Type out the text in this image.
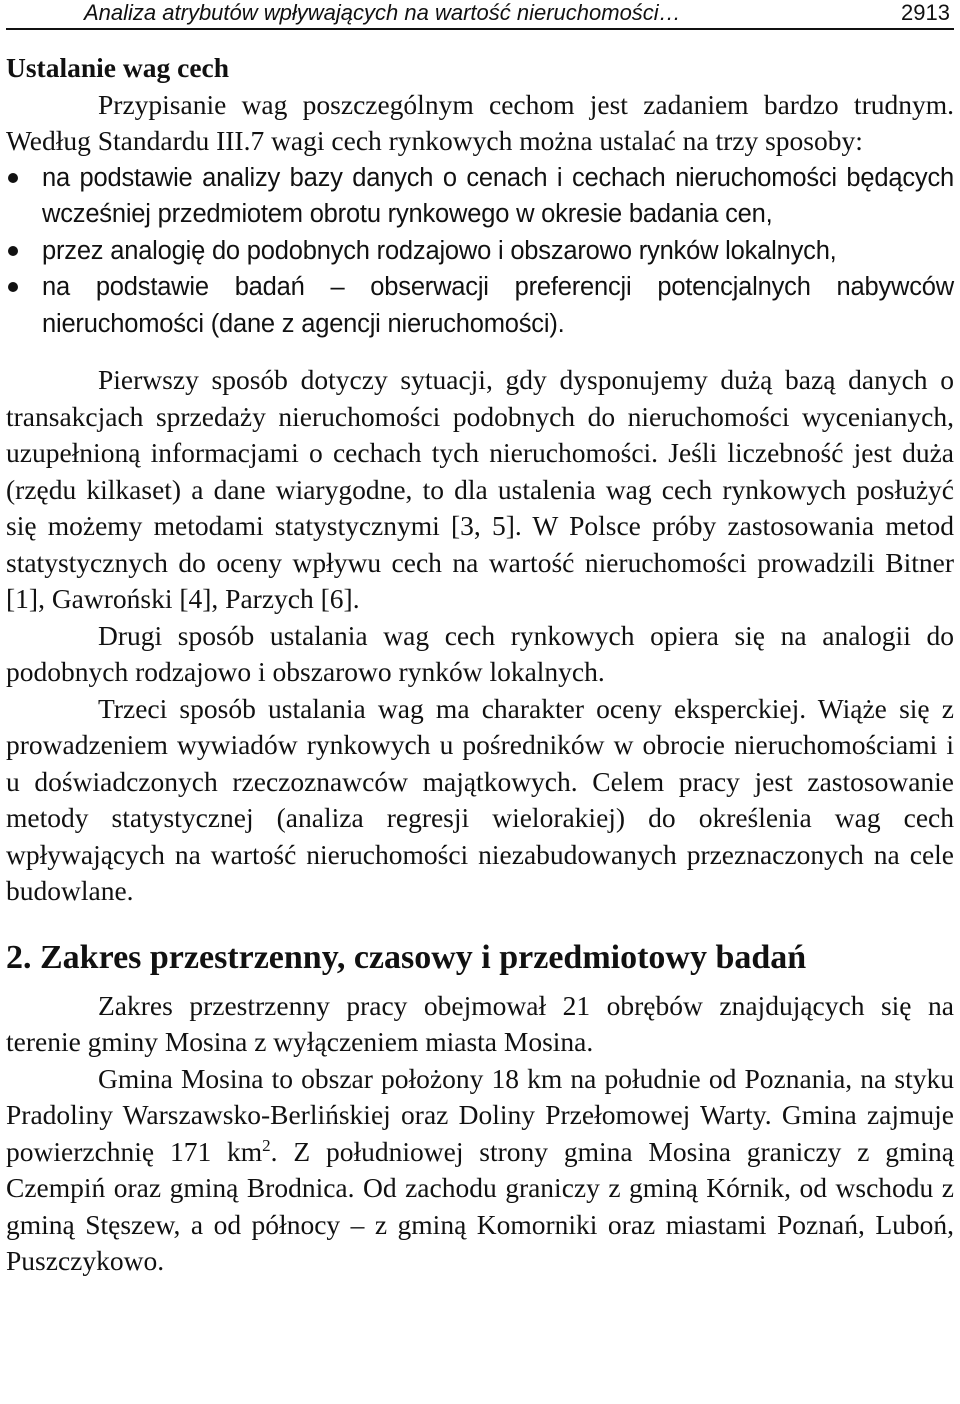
Analiza atrybutów wpływających na wartość nieruchomości…	2913
Ustalanie wag cech

Przypisanie wag poszczególnym cechom jest zadaniem bardzo trudnym. Według Standardu III.7 wagi cech rynkowych można ustalać na trzy sposoby:

na podstawie analizy bazy danych o cenach i cechach nieruchomości będących wcześniej przedmiotem obrotu rynkowego w okresie badania cen,
przez analogię do podobnych rodzajowo i obszarowo rynków lokalnych,
na podstawie badań – obserwacji preferencji potencjalnych nabywców nieruchomości (dane z agencji nieruchomości).

Pierwszy sposób dotyczy sytuacji, gdy dysponujemy dużą bazą danych o transakcjach sprzedaży nieruchomości podobnych do nieruchomości wycenianych, uzupełnioną informacjami o cechach tych nieruchomości. Jeśli liczebność jest duża (rzędu kilkaset) a dane wiarygodne, to dla ustalenia wag cech rynkowych posłużyć się możemy metodami statystycznymi [3, 5]. W Polsce próby zastosowania metod statystycznych do oceny wpływu cech na wartość nieruchomości prowadzili Bitner [1], Gawroński [4], Parzych [6].

Drugi sposób ustalania wag cech rynkowych opiera się na analogii do podobnych rodzajowo i obszarowo rynków lokalnych.

Trzeci sposób ustalania wag ma charakter oceny eksperckiej. Wiąże się z prowadzeniem wywiadów rynkowych u pośredników w obrocie nieruchomościami i u doświadczonych rzeczoznawców majątkowych. Celem pracy jest zastosowanie metody statystycznej (analiza regresji wielorakiej) do określenia wag cech wpływających na wartość nieruchomości niezabudowanych przeznaczonych na cele budowlane.

2. Zakres przestrzenny, czasowy i przedmiotowy badań

Zakres przestrzenny pracy obejmował 21 obrębów znajdujących się na terenie gminy Mosina z wyłączeniem miasta Mosina.

Gmina Mosina to obszar położony 18 km na południe od Poznania, na styku Pradoliny Warszawsko-Berlińskiej oraz Doliny Przełomowej Warty. Gmina zajmuje powierzchnię 171 $km^2$. Z południowej strony gmina Mosina graniczy z gminą Czempiń oraz gminą Brodnica. Od zachodu graniczy z gminą Kórnik, od wschodu z gminą Stęszew, a od północy – z gminą Komorniki oraz miastami Poznań, Luboń, Puszczykowo.
